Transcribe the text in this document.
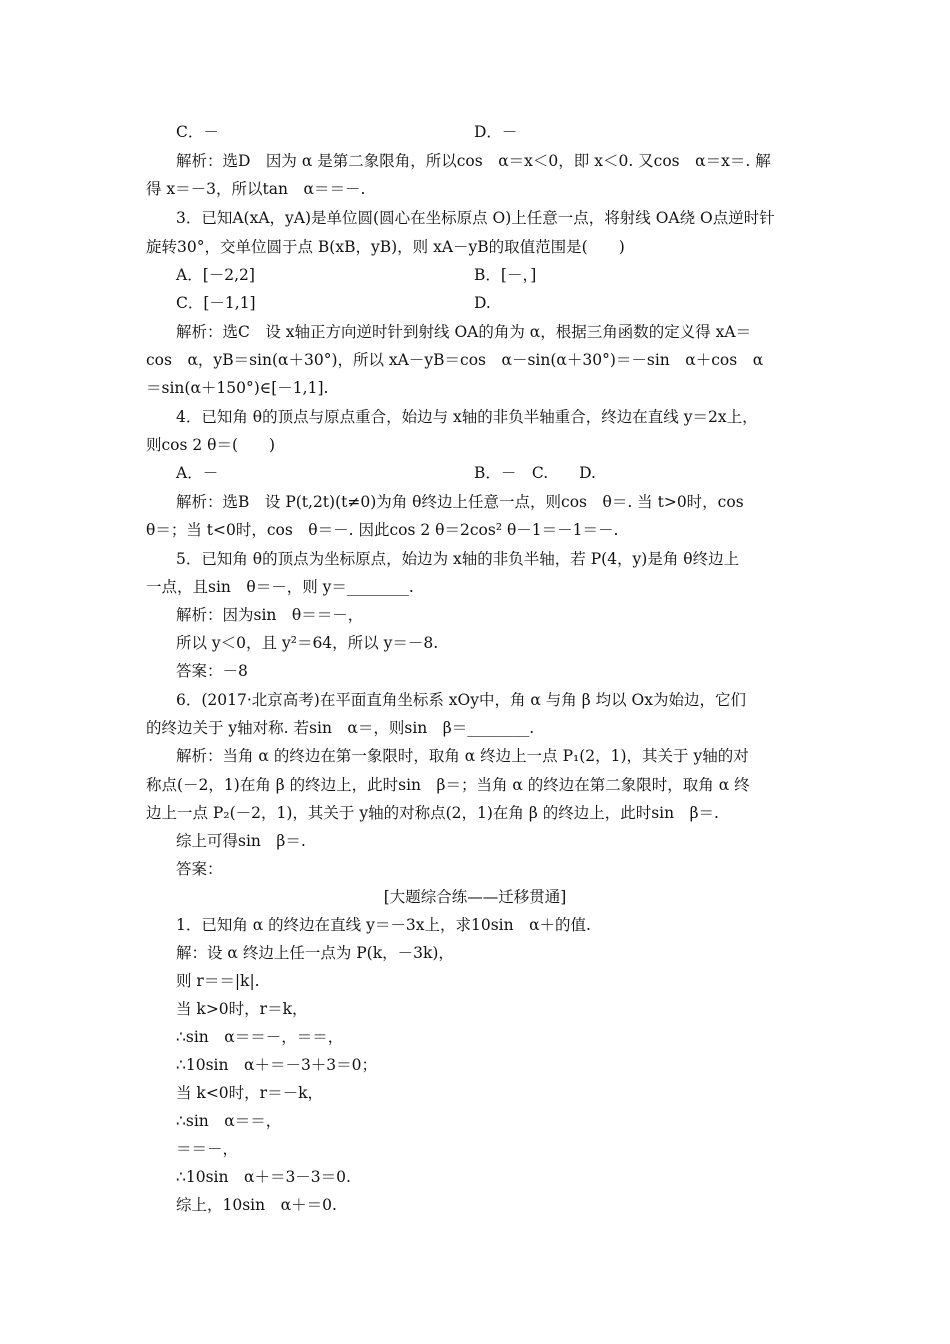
C．－	D．－
解析：选D　因为 α 是第二象限角，所以cos　α＝x＜0，即 x＜0. 又cos　α＝x＝. 解
得 x＝－3，所以tan　α＝＝－.
3．已知A(xA，yA)是单位圆(圆心在坐标原点 O)上任意一点，将射线 OA绕 O点逆时针
旋转30°，交单位圆于点 B(xB，yB)，则 xA－yB的取值范围是(　　)
A．[－2,2]	B．[－，]
C．[－1,1]	D.
解析：选C　设 x轴正方向逆时针到射线 OA的角为 α，根据三角函数的定义得 xA＝
cos　α，yB＝sin(α＋30°)，所以 xA－yB＝cos　α－sin(α＋30°)＝－sin　α＋cos　α
＝sin(α＋150°)∈[－1,1].
4．已知角 θ的顶点与原点重合，始边与 x轴的非负半轴重合，终边在直线 y＝2x上，
则cos 2 θ＝(　　)
A．－	B．－　C.　　D.
解析：选B　设 P(t,2t)(t≠0)为角 θ终边上任意一点，则cos　θ＝. 当 t>0时，cos
θ＝；当 t<0时，cos　θ＝－. 因此cos 2 θ＝2cos² θ－1＝－1＝－.
5．已知角 θ的顶点为坐标原点，始边为 x轴的非负半轴，若 P(4，y)是角 θ终边上
一点，且sin　θ＝－，则 y＝________.
解析：因为sin　θ＝＝－，
所以 y＜0，且 y²＝64，所以 y＝－8.
答案：－8
6．(2017·北京高考)在平面直角坐标系 xOy中，角 α 与角 β 均以 Ox为始边，它们
的终边关于 y轴对称. 若sin　α＝，则sin　β＝________.
解析：当角 α 的终边在第一象限时，取角 α 终边上一点 P₁(2，1)，其关于 y轴的对
称点(－2，1)在角 β 的终边上，此时sin　β＝；当角 α 的终边在第二象限时，取角 α 终
边上一点 P₂(－2，1)，其关于 y轴的对称点(2，1)在角 β 的终边上，此时sin　β＝.
综上可得sin　β＝.
答案：
[大题综合练——迁移贯通]
1．已知角 α 的终边在直线 y＝－3x上，求10sin　α＋的值.
解：设 α 终边上任一点为 P(k，－3k)，
则 r＝＝|k|.
当 k>0时，r＝k，
∴sin　α＝＝－，＝＝，
∴10sin　α＋＝－3＋3＝0；
当 k<0时，r＝－k，
∴sin　α＝＝，
＝＝－，
∴10sin　α＋＝3－3＝0.
综上，10sin　α＋＝0.
